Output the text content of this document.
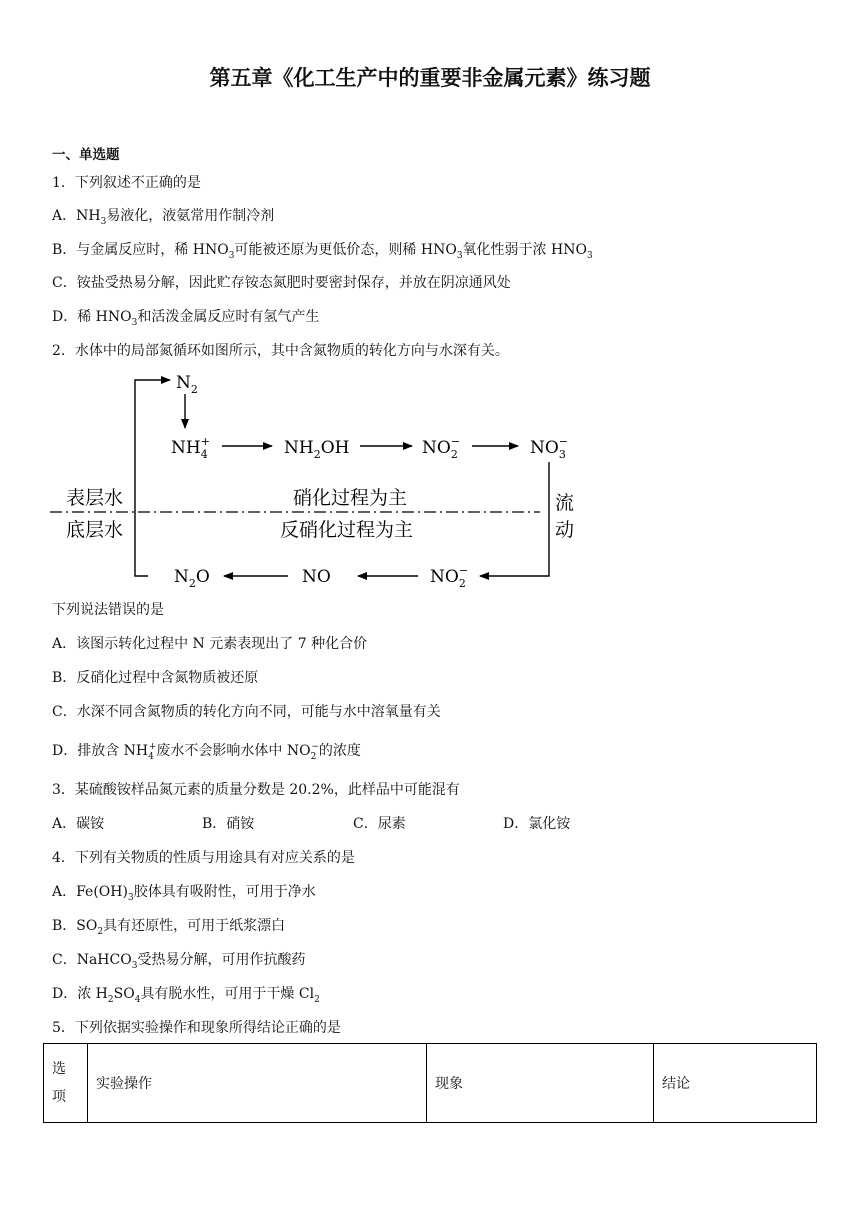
第五章《化工生产中的重要非金属元素》练习题
一、单选题
1．下列叙述不正确的是
A．$NH_3$易液化，液氨常用作制冷剂
B．与金属反应时，稀 $HNO_3$可能被还原为更低价态，则稀 $HNO_3$氧化性弱于浓 $HNO_3$
C．铵盐受热易分解，因此贮存铵态氮肥时要密封保存，并放在阴凉通风处
D．稀 $HNO_3$和活泼金属反应时有氢气产生
2．水体中的局部氮循环如图所示，其中含氮物质的转化方向与水深有关。
$N_2$
$NH_4+$	$NH_2OH$	$NO_2-$	$NO_3-$
表层水
底层水
硝化过程为主
反硝化过程为主
流
动
$N_2O$	NO	$NO_2-$
下列说法错误的是
A．该图示转化过程中 N 元素表现出了 7 种化合价
B．反硝化过程中含氮物质被还原
C．水深不同含氮物质的转化方向不同，可能与水中溶氧量有关
D．排放含 $NH_4^+$废水不会影响水体中 $NO_2^-$的浓度
3．某硫酸铵样品氮元素的质量分数是 20.2%，此样品中可能混有
A．碳铵	B．硝铵	C．尿素	D．氯化铵
4．下列有关物质的性质与用途具有对应关系的是
A．$Fe(OH)_3$胶体具有吸附性，可用于净水
B．$SO_2$具有还原性，可用于纸浆漂白
C．NaHCO$_3$受热易分解，可用作抗酸药
D．浓 $H_2SO_4$具有脱水性，可用于干燥 $Cl_2$
5．下列依据实验操作和现象所得结论正确的是
选
项	实验操作	现象	结论
